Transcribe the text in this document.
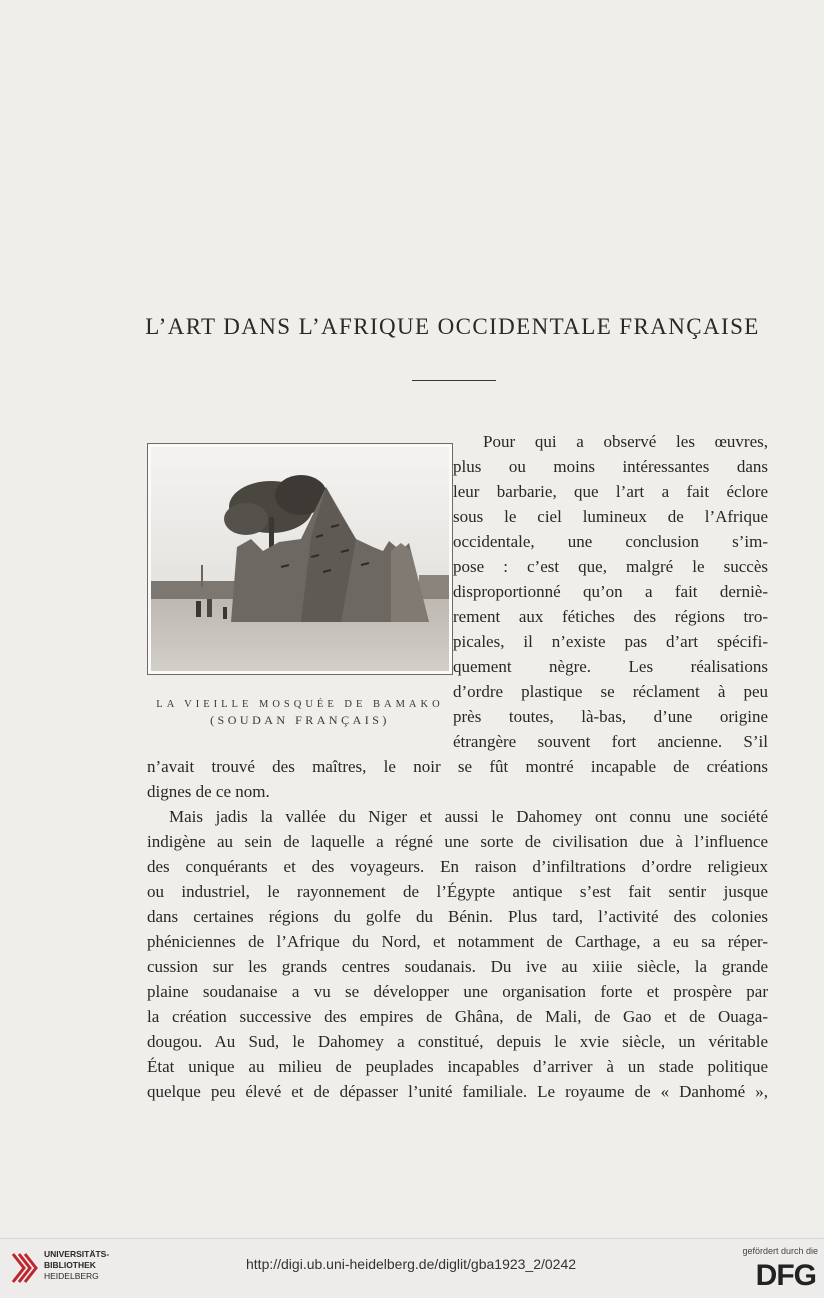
L’ART DANS L’AFRIQUE OCCIDENTALE FRANÇAISE
LA VIEILLE MOSQUÉE DE BAMAKO
(SOUDAN FRANÇAIS)
Pour qui a observé les œuvres,
plus ou moins intéressantes dans
leur barbarie, que l’art a fait éclore
sous le ciel lumineux de l’Afrique
occidentale, une conclusion s’im-
pose : c’est que, malgré le succès
disproportionné qu’on a fait derniè-
rement aux fétiches des régions tro-
picales, il n’existe pas d’art spécifi-
quement nègre. Les réalisations
d’ordre plastique se réclament à peu
près toutes, là-bas, d’une origine
étrangère souvent fort ancienne. S’il
n’avait trouvé des maîtres, le noir se fût montré incapable de créations
dignes de ce nom.
Mais jadis la vallée du Niger et aussi le Dahomey ont connu une société
indigène au sein de laquelle a régné une sorte de civilisation due à l’influence
des conquérants et des voyageurs. En raison d’infiltrations d’ordre religieux
ou industriel, le rayonnement de l’Égypte antique s’est fait sentir jusque
dans certaines régions du golfe du Bénin. Plus tard, l’activité des colonies
phéniciennes de l’Afrique du Nord, et notamment de Carthage, a eu sa réper-
cussion sur les grands centres soudanais. Du ive au xiiie siècle, la grande
plaine soudanaise a vu se développer une organisation forte et prospère par
la création successive des empires de Ghâna, de Mali, de Gao et de Ouaga-
dougou. Au Sud, le Dahomey a constitué, depuis le xvie siècle, un véritable
État unique au milieu de peuplades incapables d’arriver à un stade politique
quelque peu élevé et de dépasser l’unité familiale. Le royaume de « Danhomé »,
UNIVERSITÄTS-
BIBLIOTHEK
HEIDELBERG
http://digi.ub.uni-heidelberg.de/diglit/gba1923_2/0242
gefördert durch die
DFG
